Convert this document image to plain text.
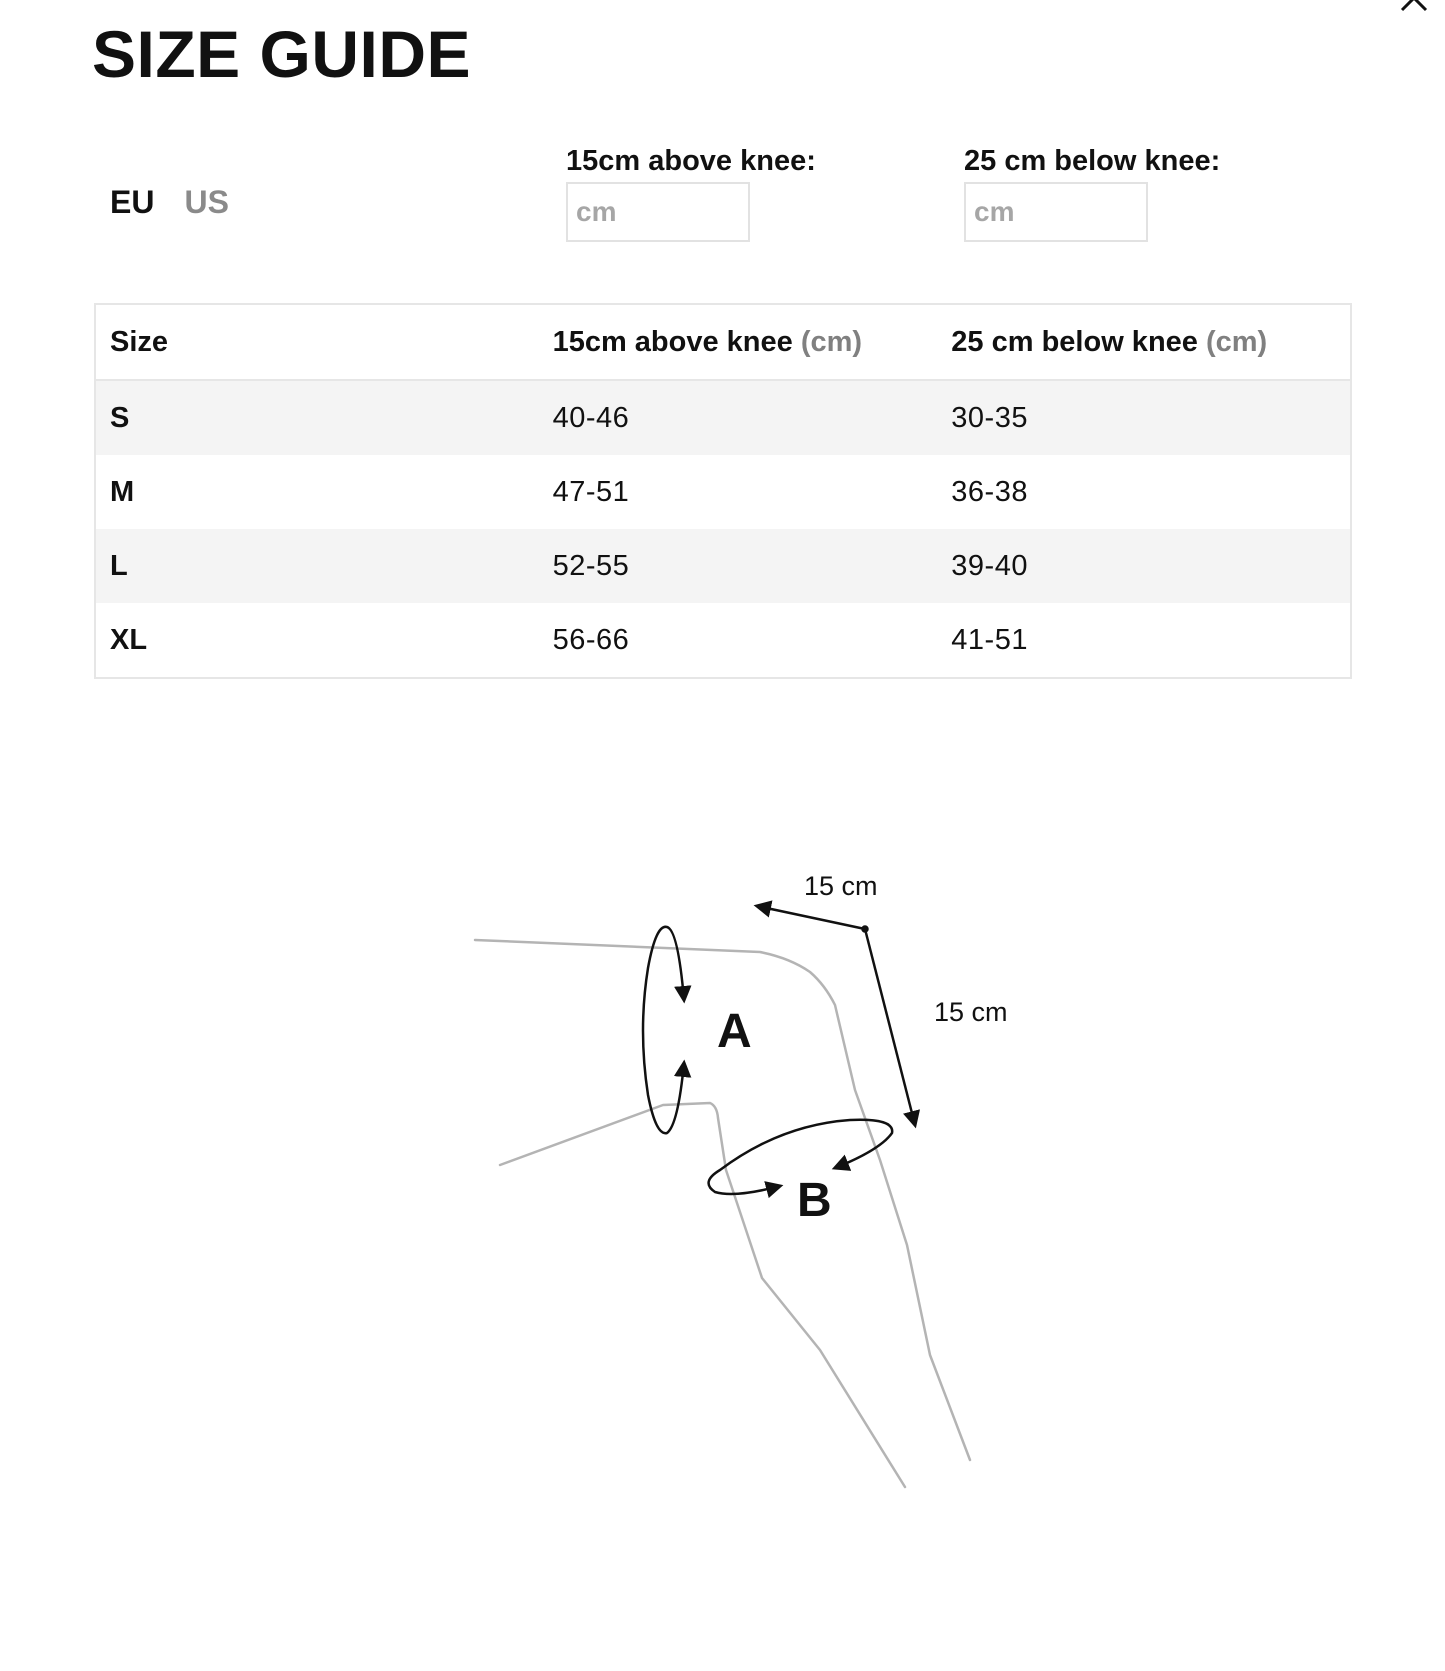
SIZE GUIDE
EU US
15cm above knee:
cm	25 cm below knee:
cm
Size	15cm above knee (cm)	25 cm below knee (cm)
S	40-46	30-35
M	47-51	36-38
L	52-55	39-40
XL	56-66	41-51
15 cm
15 cm
A
B
